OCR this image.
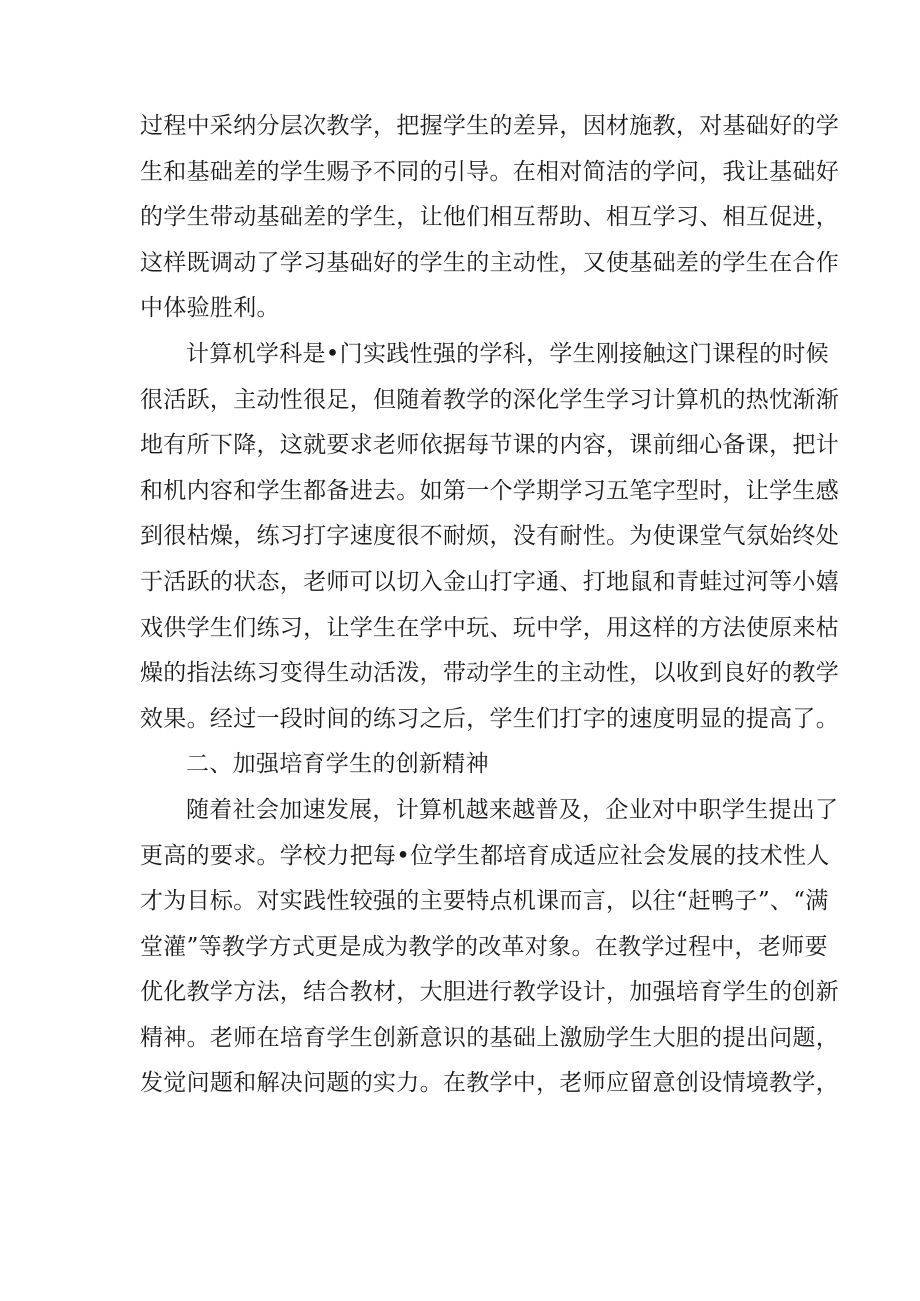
过程中采纳分层次教学，把握学生的差异，因材施教，对基础好的学
生和基础差的学生赐予不同的引导。在相对简洁的学问，我让基础好
的学生带动基础差的学生，让他们相互帮助、相互学习、相互促进，
这样既调动了学习基础好的学生的主动性，又使基础差的学生在合作
中体验胜利。
计算机学科是•门实践性强的学科，学生刚接触这门课程的时候
很活跃，主动性很足，但随着教学的深化学生学习计算机的热忱渐渐
地有所下降，这就要求老师依据每节课的内容，课前细心备课，把计
和机内容和学生都备进去。如第一个学期学习五笔字型时，让学生感
到很枯燥，练习打字速度很不耐烦，没有耐性。为使课堂气氛始终处
于活跃的状态，老师可以切入金山打字通、打地鼠和青蛙过河等小嬉
戏供学生们练习，让学生在学中玩、玩中学，用这样的方法使原来枯
燥的指法练习变得生动活泼，带动学生的主动性，以收到良好的教学
效果。经过一段时间的练习之后，学生们打字的速度明显的提高了。
二、加强培育学生的创新精神
随着社会加速发展，计算机越来越普及，企业对中职学生提出了
更高的要求。学校力把每•位学生都培育成适应社会发展的技术性人
才为目标。对实践性较强的主要特点机课而言，以往“赶鸭子”、“满
堂灌”等教学方式更是成为教学的改革对象。在教学过程中，老师要
优化教学方法，结合教材，大胆进行教学设计，加强培育学生的创新
精神。老师在培育学生创新意识的基础上激励学生大胆的提出问题，
发觉问题和解决问题的实力。在教学中，老师应留意创设情境教学，
